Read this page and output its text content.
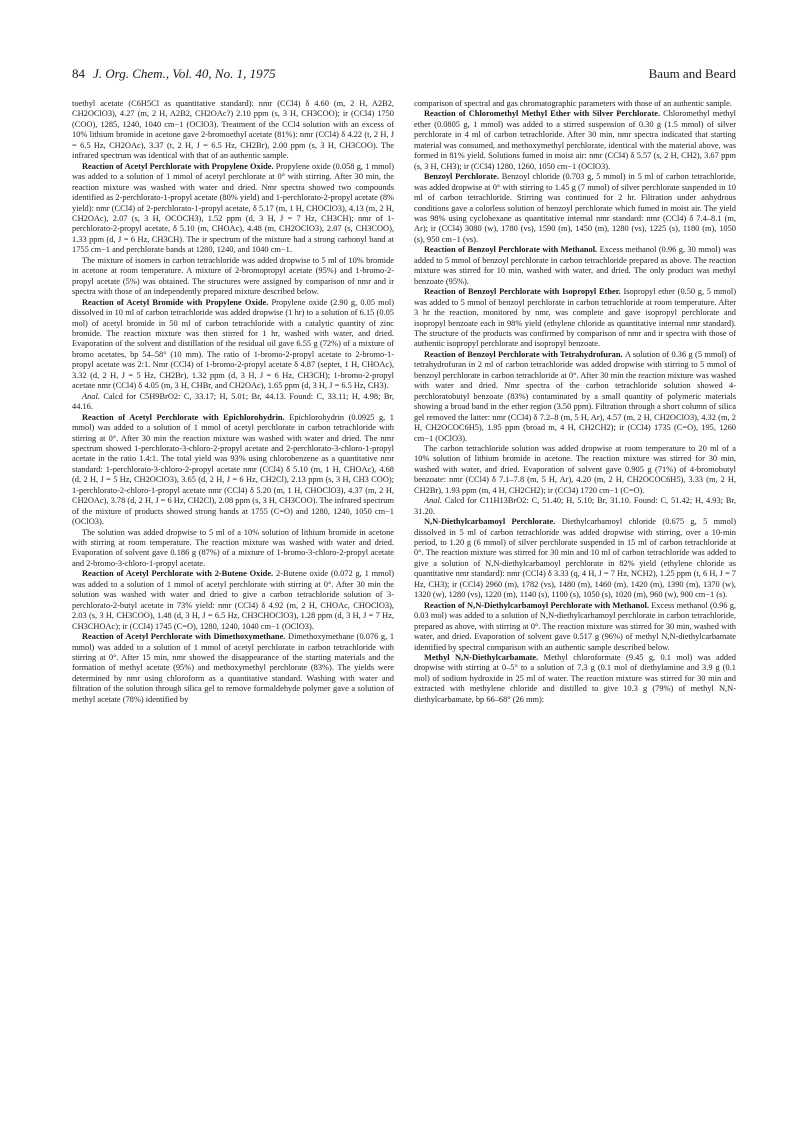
84 J. Org. Chem., Vol. 40, No. 1, 1975	Baum and Beard

toethyl acetate (C6H5Cl as quantitative standard): nmr (CCl4) δ 4.60 (m, 2 H, A2B2, CH2OClO3), 4.27 (m, 2 H, A2B2, CH2OAc?) 2.10 ppm (s, 3 H, CH3COO); ir (CCl4) 1750 (COO), 1285, 1240, 1040 cm−1 (OClO3). Treatment of the CCl4 solution with an excess of 10% lithium bromide in acetone gave 2-bromoethyl acetate (81%): nmr (CCl4) δ 4.22 (t, 2 H, J = 6.5 Hz, CH2OAc), 3.37 (t, 2 H, J = 6.5 Hz, CH2Br), 2.00 ppm (s, 3 H, CH3COO). The infrared spectrum was identical with that of an authentic sample.

Reaction of Acetyl Perchlorate with Propylene Oxide. Propylene oxide (0.058 g, 1 mmol) was added to a solution of 1 mmol of acetyl perchlorate at 0° with stirring. After 30 min, the reaction mixture was washed with water and dried. Nmr spectra showed two compounds identified as 2-perchlorato-1-propyl acetate (80% yield) and 1-perchlorato-2-propyl acetate (8% yield): nmr (CCl4) of 2-perchlorato-1-propyl acetate, δ 5.17 (m, 1 H, CHOClO3), 4.13 (m, 2 H, CH2OAc), 2.07 (s, 3 H, OCOCH3), 1.52 ppm (d, 3 H, J = 7 Hz, CH3CH); nmr of 1-perchlorato-2-propyl acetate, δ 5.10 (m, CHOAc), 4.48 (m, CH2OClO3), 2.07 (s, CH3COO), 1.33 ppm (d, J = 6 Hz, CH3CH). The ir spectrum of the mixture had a strong carbonyl band at 1755 cm−1 and perchlorate bands at 1280, 1240, and 1040 cm−1.

The mixture of isomers in carbon tetrachloride was added dropwise to 5 ml of 10% bromide in acetone at room temperature. A mixture of 2-bromopropyl acetate (95%) and 1-bromo-2-propyl acetate (5%) was obtained. The structures were assigned by comparison of nmr and ir spectra with those of an independently prepared mixture described below.

Reaction of Acetyl Bromide with Propylene Oxide. Propylene oxide (2.90 g, 0.05 mol) dissolved in 10 ml of carbon tetrachloride was added dropwise (1 hr) to a solution of 6.15 (0.05 mol) of acetyl bromide in 50 ml of carbon tetrachloride with a catalytic quantity of zinc bromide. The reaction mixture was then stirred for 1 hr, washed with water, and dried. Evaporation of the solvent and distillation of the residual oil gave 6.55 g (72%) of a mixture of bromo acetates, bp 54–58° (10 mm). The ratio of 1-bromo-2-propyl acetate to 2-bromo-1-propyl acetate was 2:1. Nmr (CCl4) of 1-bromo-2-propyl acetate δ 4.87 (septet, 1 H, CHOAc), 3.32 (d, 2 H, J = 5 Hz, CH2Br), 1.32 ppm (d, 3 H, J = 6 Hz, CH3CH); 1-bromo-2-propyl acetate nmr (CCl4) δ 4.05 (m, 3 H, CHBr, and CH2OAc), 1.65 ppm (d, 3 H, J = 6.5 Hz, CH3).

Anal. Calcd for C5H9BrO2: C, 33.17; H, 5.01; Br, 44.13. Found: C, 33.11; H, 4.98; Br, 44.16.

Reaction of Acetyl Perchlorate with Epichlorohydrin. Epichlorohydrin (0.0925 g, 1 mmol) was added to a solution of 1 mmol of acetyl perchlorate in carbon tetrachloride with stirring at 0°. After 30 min the reaction mixture was washed with water and dried. The nmr spectrum showed 1-perchlorato-3-chloro-2-propyl acetate and 2-perchlorato-3-chloro-1-propyl acetate in the ratio 1.4:1. The total yield was 93% using chlorobenzene as a quantitative nmr standard: 1-perchlorato-3-chloro-2-propyl acetate nmr (CCl4) δ 5.10 (m, 1 H, CHOAc), 4.68 (d, 2 H, J = 5 Hz, CH2OClO3), 3.65 (d, 2 H, J = 6 Hz, CH2Cl), 2.13 ppm (s, 3 H, CH3 COO); 1-perchlorato-2-chloro-1-propyl acetate nmr (CCl4) δ 5.20 (m, 1 H, CHOClO3), 4.37 (m, 2 H, CH2OAc), 3.78 (d, 2 H, J = 6 Hz, CH2Cl), 2.08 ppm (s, 3 H, CH3COO). The infrared spectrum of the mixture of products showed strong bands at 1755 (C=O) and 1280, 1240, 1050 cm−1 (OClO3).

The solution was added dropwise to 5 ml of a 10% solution of lithium bromide in acetone with stirring at room temperature. The reaction mixture was washed with water and dried. Evaporation of solvent gave 0.186 g (87%) of a mixture of 1-bromo-3-chloro-2-propyl acetate and 2-bromo-3-chloro-1-propyl acetate.

Reaction of Acetyl Perchlorate with 2-Butene Oxide. 2-Butene oxide (0.072 g, 1 mmol) was added to a solution of 1 mmol of acetyl perchlorate with stirring at 0°. After 30 min the solution was washed with water and dried to give a carbon tetrachloride solution of 3-perchlorato-2-butyl acetate in 73% yield: nmr (CCl4) δ 4.92 (m, 2 H, CHOAc, CHOClO3), 2.03 (s, 3 H, CH3COO), 1.48 (d, 3 H, J = 6.5 Hz, CH3CHOClO3), 1.28 ppm (d, 3 H, J = 7 Hz, CH3CHOAc); ir (CCl4) 1745 (C=O), 1280, 1240, 1040 cm−1 (OClO3).

Reaction of Acetyl Perchlorate with Dimethoxymethane. Dimethoxymethane (0.076 g, 1 mmol) was added to a solution of 1 mmol of acetyl perchlorate in carbon tetrachloride with stirring at 0°. After 15 min, nmr showed the disappearance of the starting materials and the formation of methyl acetate (95%) and methoxymethyl perchlorate (83%). The yields were determined by nmr using chloroform as a quantitative standard. Washing with water and filtration of the solution through silica gel to remove formaldehyde polymer gave a solution of methyl acetate (78%) identified by

comparison of spectral and gas chromatographic parameters with those of an authentic sample.

Reaction of Chloromethyl Methyl Ether with Silver Perchlorate. Chloromethyl methyl ether (0.0805 g, 1 mmol) was added to a stirred suspension of 0.30 g (1.5 mmol) of silver perchlorate in 4 ml of carbon tetrachloride. After 30 min, nmr spectra indicated that starting material was consumed, and methoxymethyl perchlorate, identical with the material above, was formed in 81% yield. Solutions fumed in moist air: nmr (CCl4) δ 5.57 (s, 2 H, CH2), 3.67 ppm (s, 3 H, CH3); ir (CCl4) 1280, 1260, 1050 cm−1 (OClO3).

Benzoyl Perchlorate. Benzoyl chloride (0.703 g, 5 mmol) in 5 ml of carbon tetrachloride, was added dropwise at 0° with stirring to 1.45 g (7 mmol) of silver perchlorate suspended in 10 ml of carbon tetrachloride. Stirring was continued for 2 hr. Filtration under anhydrous conditions gave a colorless solution of benzoyl perchlorate which fumed in moist air. The yield was 98% using cyclohexane as quantitative internal nmr standard: nmr (CCl4) δ 7.4–8.1 (m, Ar); ir (CCl4) 3080 (w), 1780 (vs), 1590 (m), 1450 (m), 1280 (vs), 1225 (s), 1180 (m), 1050 (s), 950 cm−1 (vs).

Reaction of Benzoyl Perchlorate with Methanol. Excess methanol (0.96 g, 30 mmol) was added to 5 mmol of benzoyl perchlorate in carbon tetrachloride prepared as above. The reaction mixture was stirred for 10 min, washed with water, and dried. The only product was methyl benzoate (95%).

Reaction of Benzoyl Perchlorate with Isopropyl Ether. Isopropyl ether (0.50 g, 5 mmol) was added to 5 mmol of benzoyl perchlorate in carbon tetrachloride at room temperature. After 3 hr the reaction, monitored by nmr, was complete and gave isopropyl perchlorate and isopropyl benzoate each in 98% yield (ethylene chloride as quantitative internal nmr standard). The structure of the products was confirmed by comparison of nmr and ir spectra with those of authentic isopropyl perchlorate and isopropyl benzoate.

Reaction of Benzoyl Perchlorate with Tetrahydrofuran. A solution of 0.36 g (5 mmol) of tetrahydrofuran in 2 ml of carbon tetrachloride was added dropwise with stirring to 5 mmol of benzoyl perchlorate in carbon tetrachloride at 0°. After 30 min the reaction mixture was washed with water and dried. Nmr spectra of the carbon tetrachloride solution showed 4-perchloratobutyl benzoate (83%) contaminated by a small quantity of polymeric materials showing a broad band in the ether region (3.50 ppm). Filtration through a short column of silica gel removed the latter: nmr (CCl4) δ 7.2–8 (m, 5 H, Ar), 4.57 (m, 2 H, CH2OClO3), 4.32 (m, 2 H, CH2OCOC6H5), 1.95 ppm (broad m, 4 H, CH2CH2); ir (CCl4) 1735 (C=O), 195, 1260 cm−1 (OClO3).

The carbon tetrachloride solution was added dropwise at room temperature to 20 ml of a 10% solution of lithium bromide in acetone. The reaction mixture was stirred for 30 min, washed with water, and dried. Evaporation of solvent gave 0.905 g (71%) of 4-bromobutyl benzoate: nmr (CCl4) δ 7.1–7.8 (m, 5 H, Ar), 4.20 (m, 2 H, CH2OCOC6H5), 3.33 (m, 2 H, CH2Br), 1.93 ppm (m, 4 H, CH2CH2); ir (CCl4) 1720 cm−1 (C=O).

Anal. Calcd for C11H13BrO2: C, 51.40; H, 5.10; Br, 31.10. Found: C, 51.42; H, 4.93; Br, 31.20.

N,N-Diethylcarbamoyl Perchlorate. Diethylcarbamoyl chloride (0.675 g, 5 mmol) dissolved in 5 ml of carbon tetrachloride was added dropwise with stirring, over a 10-min period, to 1.20 g (6 mmol) of silver perchlorate suspended in 15 ml of carbon tetrachloride at 0°. The reaction mixture was stirred for 30 min and 10 ml of carbon tetrachloride was added to give a solution of N,N-diethylcarbamoyl perchlorate in 82% yield (ethylene chloride as quantitative nmr standard): nmr (CCl4) δ 3.33 (q, 4 H, J = 7 Hz, NCH2), 1.25 ppm (t, 6 H, J = 7 Hz, CH3); ir (CCl4) 2960 (m), 1782 (vs), 1480 (m), 1460 (m), 1420 (m), 1390 (m), 1370 (w), 1320 (w), 1280 (vs), 1220 (m), 1140 (s), 1100 (s), 1050 (s), 1020 (m), 960 (w), 900 cm−1 (s).

Reaction of N,N-Diethylcarbamoyl Perchlorate with Methanol. Excess methanol (0.96 g, 0.03 mol) was added to a solution of N,N-diethylcarbamoyl perchlorate in carbon tetrachloride, prepared as above, with stirring at 0°. The reaction mixture was stirred for 30 min, washed with water, and dried. Evaporation of solvent gave 0.517 g (96%) of methyl N,N-diethylcarbamate identified by spectral comparison with an authentic sample described below.

Methyl N,N-Diethylcarbamate. Methyl chloroformate (9.45 g, 0.1 mol) was added dropwise with stirring at 0–5° to a solution of 7.3 g (0.1 mol of diethylamine and 3.9 g (0.1 mol) of sodium hydroxide in 25 ml of water. The reaction mixture was stirred for 30 min and extracted with methylene chloride and distilled to give 10.3 g (79%) of methyl N,N- diethylcarbamate, bp 66–68° (26 mm):
